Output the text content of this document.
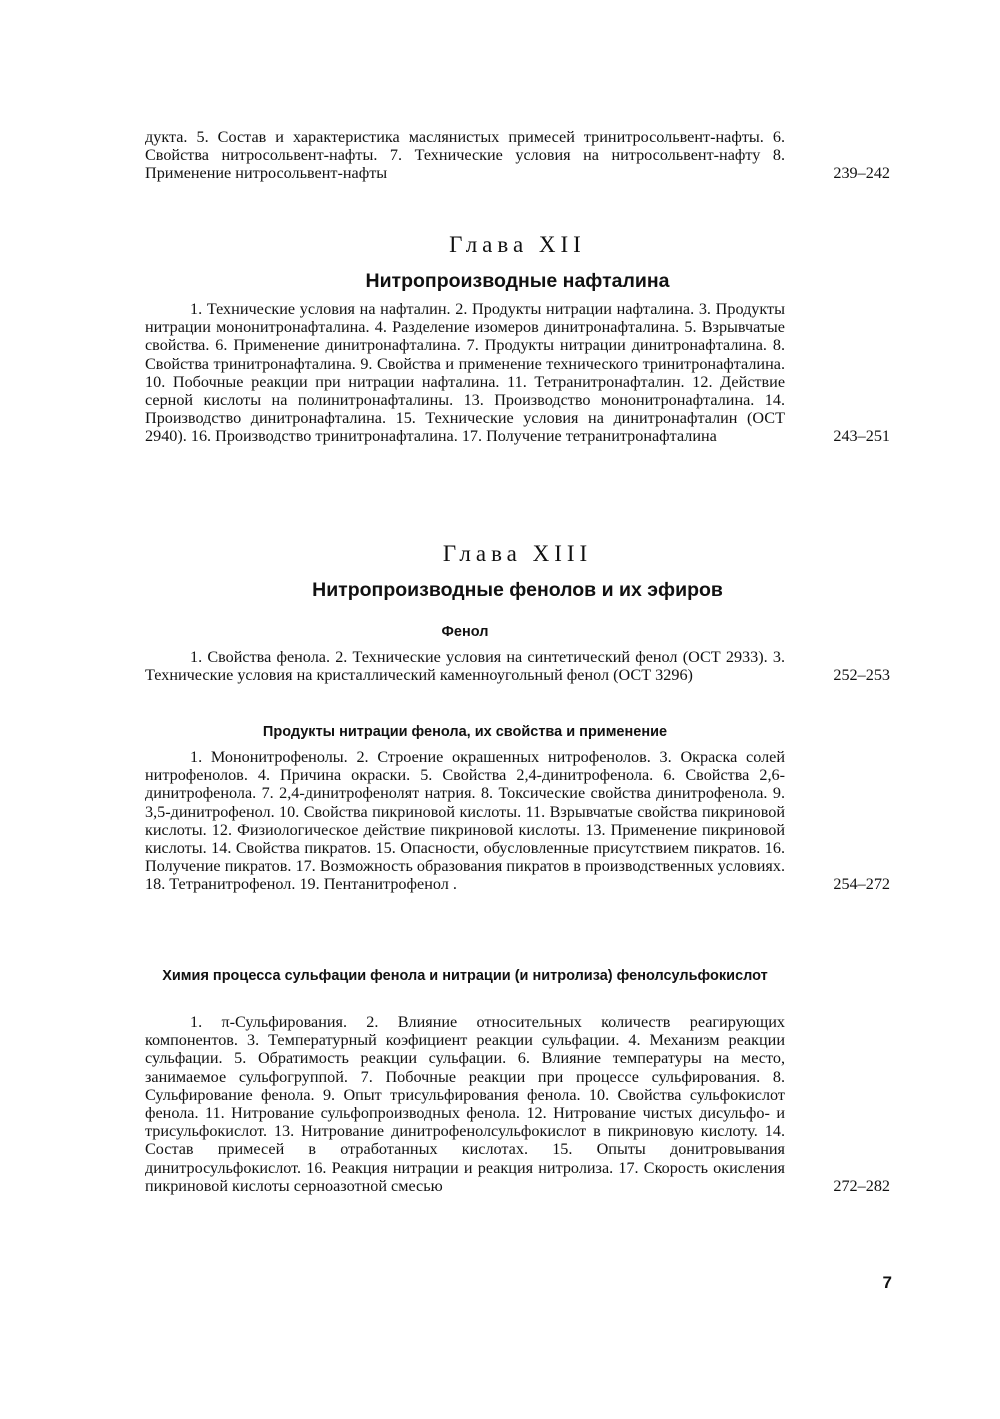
дукта. 5. Состав и характеристика маслянистых примесей тринитросольвент-нафты. 6. Свойства нитросольвент-нафты. 7. Технические условия на нитросольвент-нафту 8. Применение нитросольвент-нафты	239–242
Глава XII
Нитропроизводные нафталина
1. Технические условия на нафталин. 2. Продукты нитрации нафталина. 3. Продукты нитрации мононитронафталина. 4. Разделение изомеров динитронафталина. 5. Взрывчатые свойства. 6. Применение динитронафталина. 7. Продукты нитрации динитронафталина. 8. Свойства тринитронафталина. 9. Свойства и применение технического тринитронафталина. 10. Побочные реакции при нитрации нафталина. 11. Тетранитронафталин. 12. Действие серной кислоты на полинитронафталины. 13. Производство мононитронафталина. 14. Производство динитронафталина. 15. Технические условия на динитронафталин (ОСТ 2940). 16. Производство тринитронафталина. 17. Получение тетранитронафталина	243–251
Глава XIII
Нитропроизводные фенолов и их эфиров
Фенол
1. Свойства фенола. 2. Технические условия на синтетический фенол (ОСТ 2933). 3. Технические условия на кристаллический каменноугольный фенол (ОСТ 3296)	252–253
Продукты нитрации фенола, их свойства и применение
1. Мононитрофенолы. 2. Строение окрашенных нитрофенолов. 3. Окраска солей нитрофенолов. 4. Причина окраски. 5. Свойства 2,4-динитрофенола. 6. Свойства 2,6-динитрофенола. 7. 2,4-динитрофенолят натрия. 8. Токсические свойства динитрофенола. 9. 3,5-динитрофенол. 10. Свойства пикриновой кислоты. 11. Взрывчатые свойства пикриновой кислоты. 12. Физиологическое действие пикриновой кислоты. 13. Применение пикриновой кислоты. 14. Свойства пикратов. 15. Опасности, обусловленные присутствием пикратов. 16. Получение пикратов. 17. Возможность образования пикратов в производственных условиях. 18. Тетранитрофенол. 19. Пентанитрофенол .	254–272
Химия процесса сульфации фенола и нитрации (и нитролиза) фенолсульфокислот
1. π-Сульфирования. 2. Влияние относительных количеств реагирующих компонентов. 3. Температурный коэфициент реакции сульфации. 4. Механизм реакции сульфации. 5. Обратимость реакции сульфации. 6. Влияние температуры на место, занимаемое сульфогруппой. 7. Побочные реакции при процессе сульфирования. 8. Сульфирование фенола. 9. Опыт трисульфирования фенола. 10. Свойства сульфокислот фенола. 11. Нитрование сульфопроизводных фенола. 12. Нитрование чистых дисульфо- и трисульфокислот. 13. Нитрование динитрофенолсульфокислот в пикриновую кислоту. 14. Состав примесей в отработанных кислотах. 15. Опыты донитровывания динитросульфокислот. 16. Реакция нитрации и реакция нитролиза. 17. Скорость окисления пикриновой кислоты серноазотной смесью	272–282
7
